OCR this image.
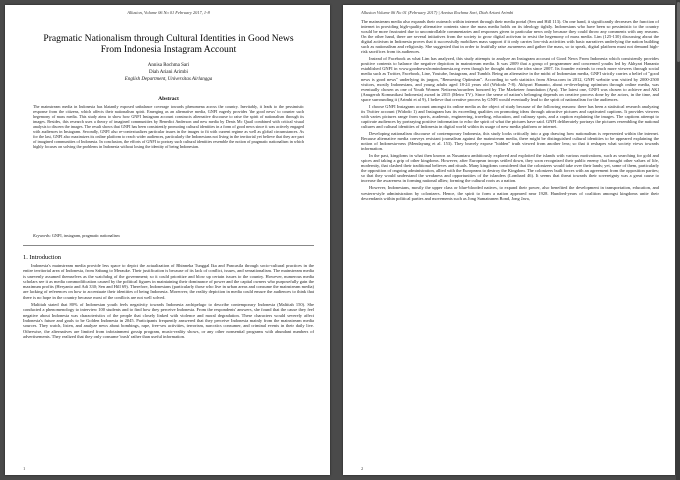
Allusion, Volume 06 No 01 February 2017, 1-8
Pragmatic Nationalism through Cultural Identities in Good News From Indonesia Instagram Account
Annisa Rochma Sari
Diah Ariani Arimbi
English Department, Universitas Airlangga
Abstract
The mainstream media in Indonesia has blatantly exposed unbalance coverage towards phenomena across the country. Inevitably, it leads to the pessimistic response from the citizens, which affects their nationalism spirit. Emerging as an alternative media, GNFI eagerly provides 'the good news' to counter such hegemony of mass media. This study aims to show how GNFI Instagram account constructs alternative discourse to raise the spirit of nationalism through its images. Besides, this research uses a theory of imagined communities by Benedict Anderson and new media by Denis Mc Quail combined with critical visual analysis to discern the images. The result shows that GNFI has been consistently promoting cultural identities in a form of good news since it was actively engaged with audiences in Instagram. Secondly, GNFI also re-contextualizes particular issues in the images to fit with current regime as well as global circumstances. As for the last, GNFI also maximizes its online platform to reach wider audiences, particularly the Indonesians not living in the territorial yet believe that they are part of imagined communities of Indonesia. In conclusion, the efforts of GNFI to portray such cultural identities resemble the notion of pragmatic nationalism in which highly focuses on solving the problems in Indonesia without losing the identity of being Indonesian.
Keywords: GNFI, instagram, pragmatic nationalism
1. Introduction

Indonesia's mainstream media provide less space to depict the actualization of Bhinneka Tunggal Ika and Pancasila through socio-cultural practices in the entire territorial area of Indonesia, from Sabang to Merauke. Their justification is because of its lack of conflict, issues, and sensationalism. The mainstream media is unevenly assumed themselves as the watchdog of the government; so it could prioritize and blow up certain issues to the country. However, numerous media scholars see it as media commodification caused by the political figures in maintaining their dominance of power and the capital owners who purposefully gain the maximum profits (Heryanto and Adi 330; Sen and Hill 69). Therefore, Indonesians (particularly those who live in urban areas and consume the mainstream media) are lacking of references on how to accentuate their identities of being Indonesia. Moreover, the reality depiction in media could ensure the audiences to think that there is no hope in the country because most of the conflicts are not well solved.

Maltitah stated that 80% of Indonesian youth feels negativity towards Indonesia archipelago to describe contemporary Indonesia (Maltitah 150). She conducted a phenomenology to interview 100 students and to find how they perceive Indonesia. From the respondents' answers, she found that the cause they feel negative about Indonesia was characteristics of the people that closely linked with violence and moral degradation. These characters would severely affect Indonesia's future and goals to be Golden Indonesia in 2045. Participants frequently answered that they perceive Indonesia mainly from the mainstream media sources. They watch, listen, and analyze news about bombings, rape, free-sex activities, terrorism, narcotics consumer, and criminal events in their daily live. Otherwise, the alternatives are limited from infotainment gossip program, music-reality shows, or any other nonsential programs with abundant numbers of advertisements. They realized that they only consume 'trash' rather than useful information.

1
Allusion Volume 06 No 01 (February 2017) | Annisa Rochma Sari, Diah Ariani Arimbi

The mainstream media also expands their outreach within internet through their media portal (Sen and Hill 113). On one hand, it significantly decreases the function of internet in providing high-quality alternative contents since the mass media holds on its ideology tightly. Indonesians who have been so pessimistic to the country would be more frustrated due to uncontrollable commentaries and responses given to particular news only because they could throw any comments with any reasons. On the other hand, there are several initiatives from the society to grow digital activism to resist the hegemony of mass media. Lim (125-130) discussing about the digital activism in Indonesia proves that it successfully mobilizes mass support if it only carries low-risk activities with basic narratives underlying the nation building such as nationalism and religiosity. She suggested that in order to fruitfully raise awareness and gather the mass, so to speak, digital platform must not demand high-risk sacrifices from its audiences.

Instead of Facebook as what Lim has analyzed, this study attempts to analyze an Instagram account of Good News From Indonesia which consistently provides positive contents to balance the negative depiction in mainstream media. It was 2009 that a group of programmer and concerned youths led by Akhyari Hananto established GNFI in www.goodnewsfromindonesia.org even though he thought about the idea since 2007. Its founder extends to reach more viewers through social media such as Twitter, Facebook, Line, Youtube, Instagram, and Tumblr. Being an alternative in the midst of Indonesian media, GNFI strictly carries a belief of "good news is good news" underlying its jargon, "Removing Optimism". According to web statistics from Alexa.com in 2012, GNFI website was visited by 2000-2500 visitors, mostly Indonesians, and young adults aged 18-24 years old (Widodo 7-8). Akhyari Hananto, about re-developing optimism through online media, was eventually chosen as one of Youth Women Netizens/awardees honored by The Marketeer foundation (Ayu). The latest one, GNFI was chosen to achieve and AKI (Anugerah Komunikasi Indonesia) award in 2015 (Metro TV). Since the sense of nation's belonging depends on creative process done by the actors, in the time, and space surrounding it (Arimbi et al 9), I believe that creative process by GNFI would eventually lead to the spirit of nationalism for the audiences.

I choose GNFI Instagram account amongst its online media as the object of study because of the following reasons: there has been a statistical research analyzing its Twitter account (Widodo 1) and Instagram has its exceeding qualities on promoting ideas through attractive pictures and captivated captions. It provides viewers with varies pictures range from sports, academic, engineering, traveling, education, and culinary spots, and a caption explaining the images. The captions attempt to captivate audiences by portraying positive information to echo the spirit of what the pictures have said. GNFI deliberately portrays the pictures resembling the national cultures and cultural identities of Indonesia in digital world within its usage of new media platform or internet.

Developing nationalism discourse of contemporary Indonesia, this study looks critically into a gap drawing how nationalism is represented within the internet. Because alternative media conveys resistant journalism against the mainstream media, there might be distinguished cultural identities to be appeared explaining the notion of Indonesia-ness (Mendayung et al. 153). They bravely expose "hidden" truth viewed from another lens; so that it reshapes what society views towards information.

In the past, kingdoms in what then known as Nusantara ambitiously explored and exploited the islands with various motivations, such as searching for gold and spices and taking a grip of other kingdoms. However, after European troops settled down, they soon recognized their public enemy that brought other values of life, modernity, that clashed their traditional believes and rituals. Many kingdoms considered that the colonizers would take over their lands; yet, some of them, particularly the opposition of ongoing administration, allied with the Europeans to destroy the Kingdom. The colonizers built forces with an agreement from the opposition parties; so that they would understand the weakness and opportunities of the islanders (Lombard 46). It seems that threat towards their sovereignty was a great cause to increase the awareness in forming national allies; forming the cultural roots as a nation.

However, Indonesians, mostly the upper class or blue-blooded natives, to expand their power, also benefited the development in transportation, education, and western-style administration by colonizers. Hence, the spirit to form a nation appeared near 1928. Hundred-years of coalition amongst kingdoms unite their descendants within political parties and movements such as Jong Sumatranen Bond, Jong Java,

2
